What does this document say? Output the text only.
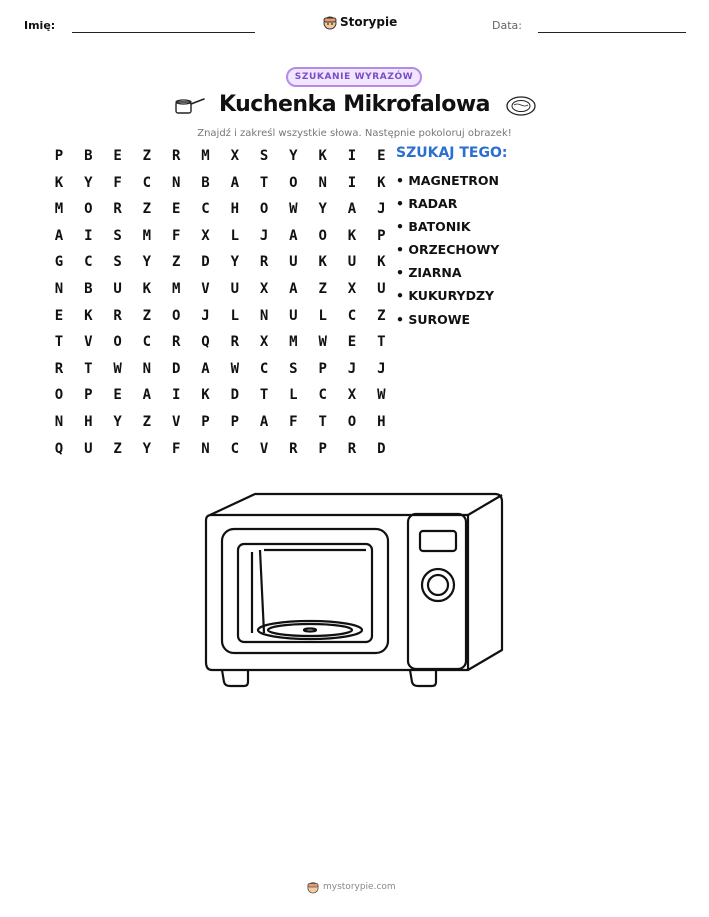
Imię:	Storypie	Data:
SZUKANIE WYRAZÓW
Kuchenka Mikrofalowa
Znajdź i zakreśl wszystkie słowa. Następnie pokoloruj obrazek!
P	B	E	Z	R	M	X	S	Y	K	I	E
K	Y	F	C	N	B	A	T	O	N	I	K
M	O	R	Z	E	C	H	O	W	Y	A	J
A	I	S	M	F	X	L	J	A	O	K	P
G	C	S	Y	Z	D	Y	R	U	K	U	K
N	B	U	K	M	V	U	X	A	Z	X	U
E	K	R	Z	O	J	L	N	U	L	C	Z
T	V	O	C	R	Q	R	X	M	W	E	T
R	T	W	N	D	A	W	C	S	P	J	J
O	P	E	A	I	K	D	T	L	C	X	W
N	H	Y	Z	V	P	P	A	F	T	O	H
Q	U	Z	Y	F	N	C	V	R	P	R	D
SZUKAJ TEGO:
• MAGNETRON
• RADAR
• BATONIK
• ORZECHOWY
• ZIARNA
• KUKURYDZY
• SUROWE
mystorypie.com
